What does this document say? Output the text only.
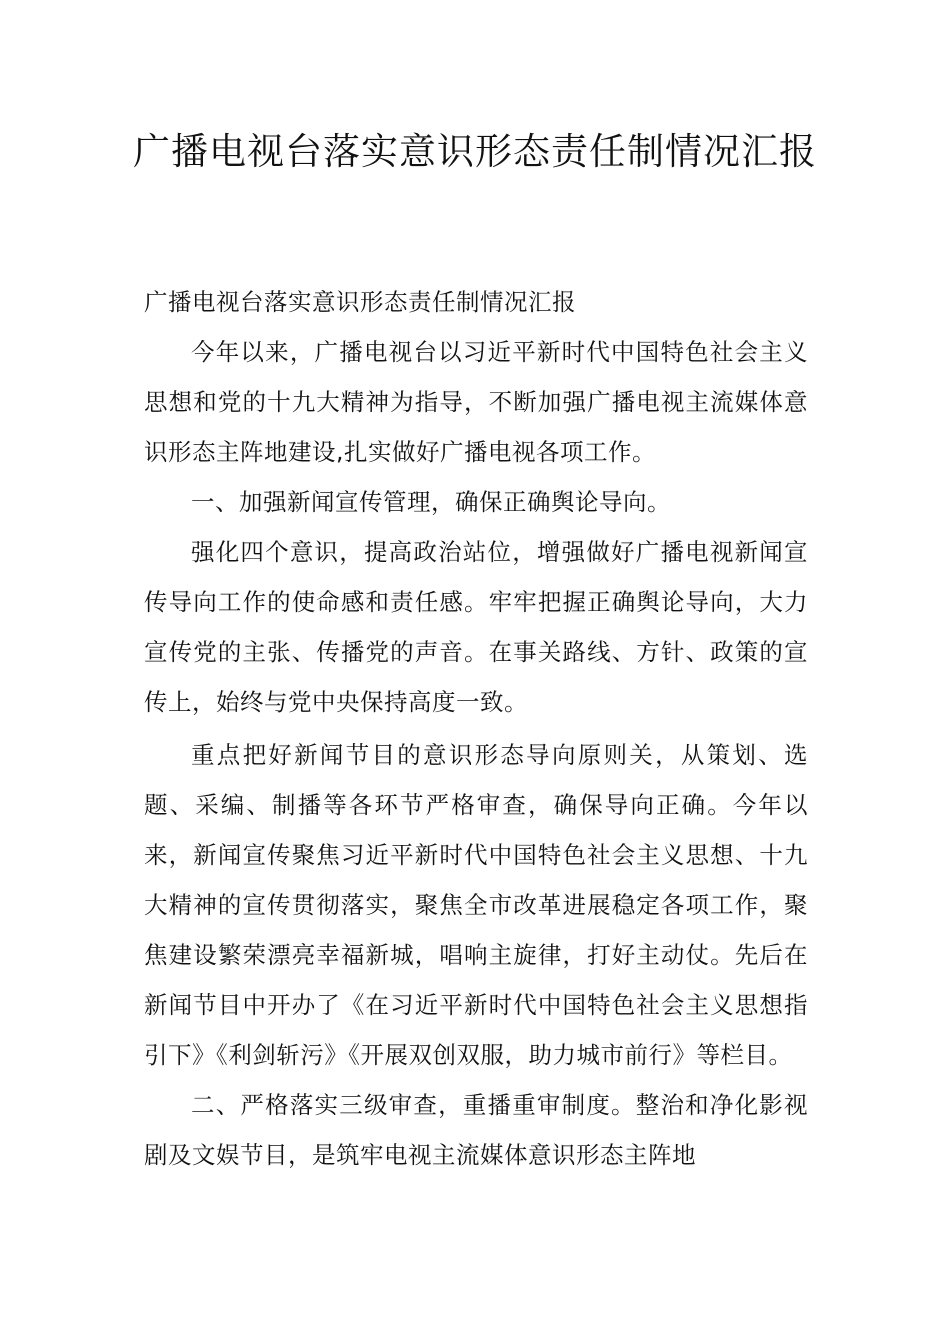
广播电视台落实意识形态责任制情况汇报

广播电视台落实意识形态责任制情况汇报

今年以来，广播电视台以习近平新时代中国特色社会主义思想和党的十九大精神为指导，不断加强广播电视主流媒体意识形态主阵地建设,扎实做好广播电视各项工作。

一、加强新闻宣传管理，确保正确舆论导向。

强化四个意识，提高政治站位，增强做好广播电视新闻宣传导向工作的使命感和责任感。牢牢把握正确舆论导向，大力宣传党的主张、传播党的声音。在事关路线、方针、政策的宣传上，始终与党中央保持高度一致。

重点把好新闻节目的意识形态导向原则关，从策划、选题、采编、制播等各环节严格审查，确保导向正确。今年以来，新闻宣传聚焦习近平新时代中国特色社会主义思想、十九大精神的宣传贯彻落实，聚焦全市改革进展稳定各项工作，聚焦建设繁荣漂亮幸福新城，唱响主旋律，打好主动仗。先后在新闻节目中开办了《在习近平新时代中国特色社会主义思想指引下》《利剑斩污》《开展双创双服，助力城市前行》等栏目。

二、严格落实三级审查，重播重审制度。整治和净化影视剧及文娱节目，是筑牢电视主流媒体意识形态主阵地
